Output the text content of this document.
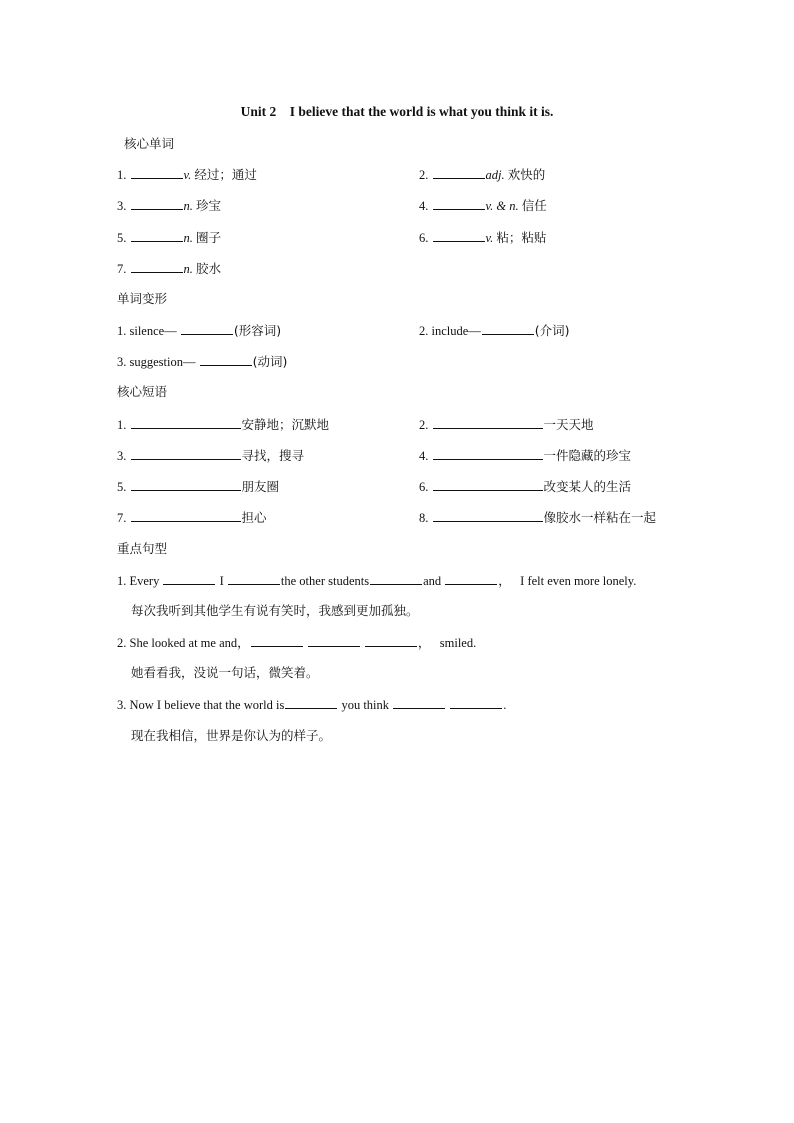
Unit 2　I believe that the world is what you think it is.
核心单词
1.	v. 经过；通过	2.	adj. 欢快的
3.	n. 珍宝	4.	v. & n. 信任
5.	n. 圈子	6.	v. 粘；粘贴
7.	n. 胶水
单词变形
1. silence—	(形容词)	2. include—	(介词)
3. suggestion—	(动词)
核心短语
1.	安静地；沉默地	2.	一天天地
3.	寻找，搜寻	4.	一件隐藏的珍宝
5.	朋友圈	6.	改变某人的生活
7.	担心	8.	像胶水一样粘在一起
重点句型
1. Every	I	the other students	and	， I felt even more lonely.
每次我听到其他学生有说有笑时，我感到更加孤独。
2. She looked at me and，	， smiled.
她看看我，没说一句话，微笑着。
3. Now I believe that the world is	you think	.
现在我相信，世界是你认为的样子。
